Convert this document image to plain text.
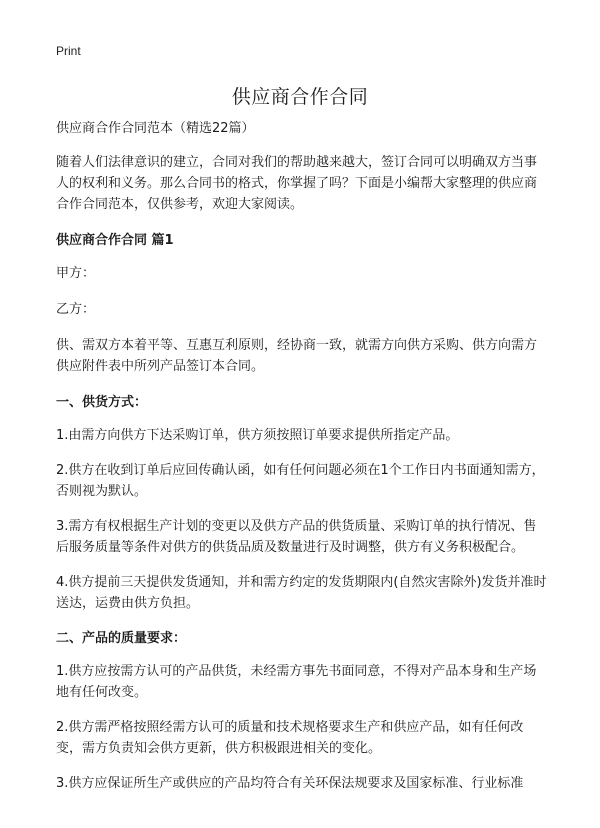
Print
供应商合作合同

供应商合作合同范本（精选22篇）

随着人们法律意识的建立，合同对我们的帮助越来越大，签订合同可以明确双方当事人的权利和义务。那么合同书的格式，你掌握了吗？下面是小编帮大家整理的供应商合作合同范本，仅供参考，欢迎大家阅读。

供应商合作合同 篇1

甲方：

乙方：

供、需双方本着平等、互惠互利原则，经协商一致，就需方向供方采购、供方向需方供应附件表中所列产品签订本合同。

一、供货方式：

1.由需方向供方下达采购订单，供方须按照订单要求提供所指定产品。

2.供方在收到订单后应回传确认函，如有任何问题必须在1个工作日内书面通知需方，否则视为默认。

3.需方有权根据生产计划的变更以及供方产品的供货质量、采购订单的执行情况、售后服务质量等条件对供方的供货品质及数量进行及时调整，供方有义务积极配合。

4.供方提前三天提供发货通知，并和需方约定的发货期限内(自然灾害除外)发货并准时送达，运费由供方负担。

二、产品的质量要求：

1.供方应按需方认可的产品供货，未经需方事先书面同意，不得对产品本身和生产场地有任何改变。

2.供方需严格按照经需方认可的质量和技术规格要求生产和供应产品，如有任何改变，需方负责知会供方更新，供方积极跟进相关的变化。

3.供方应保证所生产或供应的产品均符合有关环保法规要求及国家标准、行业标准
